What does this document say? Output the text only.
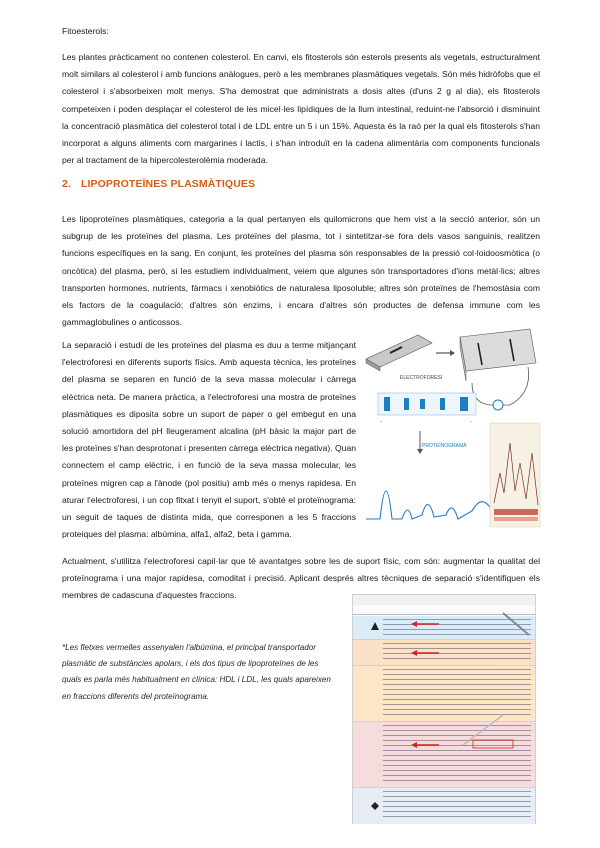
Fitoesterols:
Les plantes pràcticament no contenen colesterol. En canvi, els fitosterols són esterols presents als vegetals, estructuralment molt similars al colesterol i amb funcions anàlogues, però a les membranes plasmàtiques vegetals. Són més hidròfobs que el colesterol i s'absorbeixen molt menys. S'ha demostrat que administrats a dosis altes (d'uns 2 g al dia), els fitosterols competeixen i poden desplaçar el colesterol de les micel·les lipídiques de la llum intestinal, reduint-ne l'absorció i disminuint la concentració plasmàtica del colesterol total i de LDL entre un 5 i un 15%. Aquesta és la raó per la qual els fitosterols s'han incorporat a alguns aliments com margarines i lactis, i s'han introduït en la cadena alimentària com components funcionals per al tractament de la hipercolesterolèmia moderada.
2. LIPOPROTEÏNES PLASMÀTIQUES
Les lipoproteïnes plasmàtiques, categoria a la qual pertanyen els quilomicrons que hem vist a la secció anterior, són un subgrup de les proteïnes del plasma. Les proteïnes del plasma, tot i sintetitzar-se fora dels vasos sanguinis, realitzen funcions específiques en la sang. En conjunt, les proteïnes del plasma són responsables de la pressió col·loidoosmòtica (o oncòtica) del plasma, però, si les estudiem individualment, veiem que algunes són transportadores d'ions metàl·lics; altres transporten hormones, nutrients, fàrmacs i xenobiòtics de naturalesa liposoluble; altres són proteïnes de l'hemostàsia com els factors de la coagulació; d'altres són enzims, i encara d'altres són productes de defensa immune com les gammaglobulines o anticossos.
La separació i estudi de les proteïnes del plasma es duu a terme mitjançant l'electroforesi en diferents suports físics. Amb aquesta tècnica, les proteïnes del plasma se separen en funció de la seva massa molecular i càrrega elèctrica neta. De manera pràctica, a l'electroforesi una mostra de proteïnes plasmàtiques es diposita sobre un suport de paper o gel embegut en una solució amortidora del pH lleugerament alcalina (pH bàsic la major part de les proteïnes s'han desprotonat i presenten càrrega elèctrica negativa). Quan connectem el camp elèctric, i en funció de la seva massa molecular, les proteïnes migren cap a l'ànode (pol positiu) amb més o menys rapidesa. En aturar l'electroforesi, i un cop fitxat i tenyit el suport, s'obté el proteïnograma: un seguit de taques de distinta mida, que corresponen a les 5 fraccions proteiques del plasma: albúmina, alfa1, alfa2, beta i gamma.
ELECTROFORESI
+	−
PROTEÏNOGRAMA
Actualment, s'utilitza l'electroforesi capil·lar que té avantatges sobre les de suport físic, com són: augmentar la qualitat del proteïnograma i una major rapidesa, comoditat i precisió. Aplicant després altres tècniques de separació s'identifiquen els membres de cadascuna d'aquestes fraccions.
*Les fletxes vermelles assenyalen l'albúmina, el principal transportador plasmàtic de substàncies apolars, i els dos tipus de lipoproteïnes de les quals es parla més habitualment en clínica: HDL i LDL, les quals apareixen en fraccions diferents del proteïnograma.
